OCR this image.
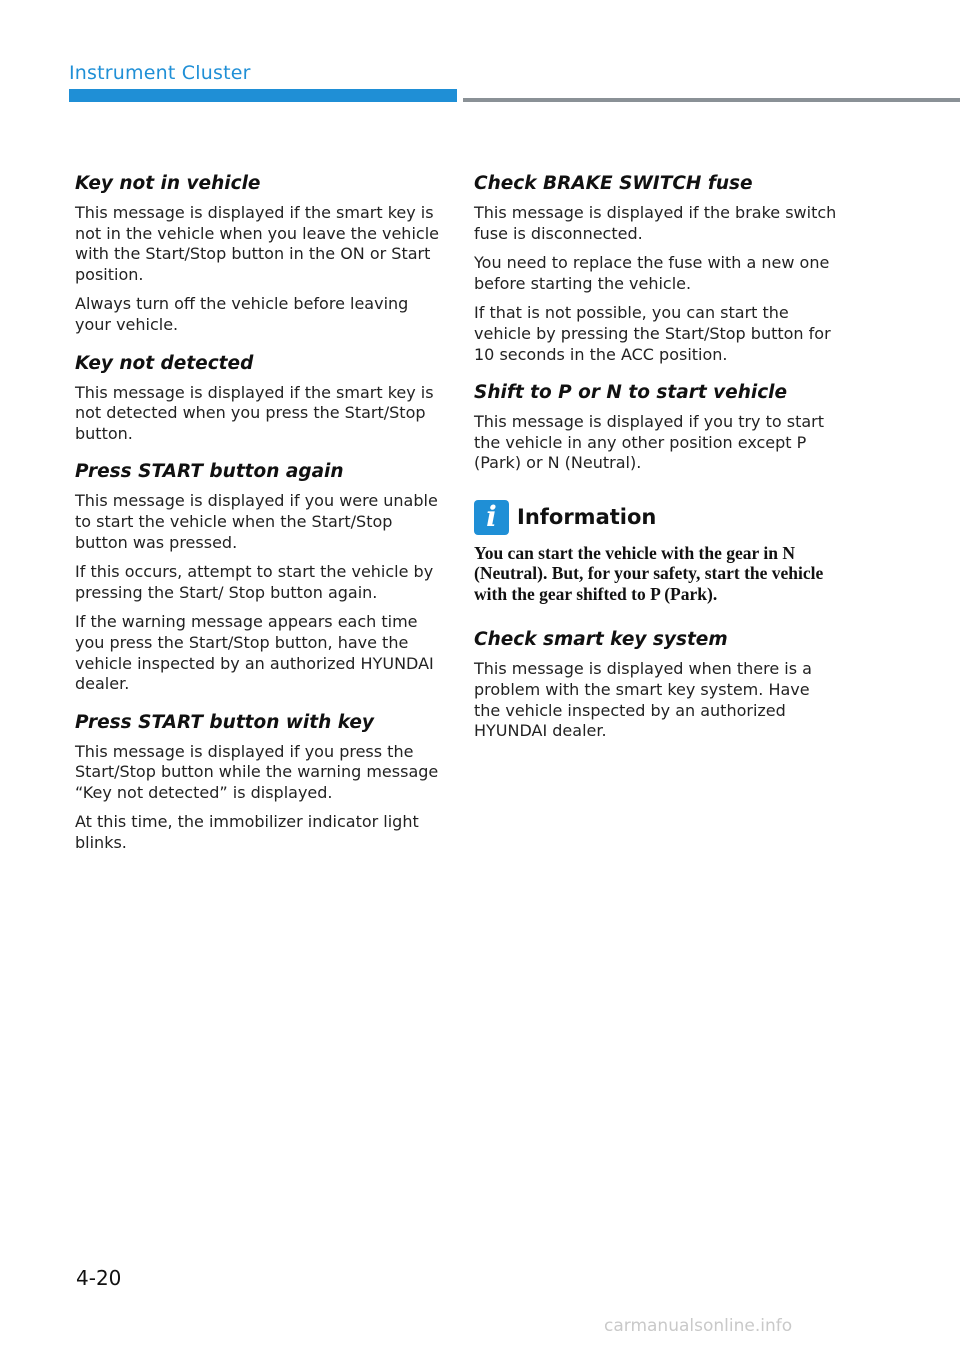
Instrument Cluster
Key not in vehicle

This message is displayed if the smart key is not in the vehicle when you leave the vehicle with the Start/Stop button in the ON or Start position.

Always turn off the vehicle before leaving your vehicle.

Key not detected

This message is displayed if the smart key is not detected when you press the Start/Stop button.

Press START button again

This message is displayed if you were unable to start the vehicle when the Start/Stop button was pressed.

If this occurs, attempt to start the vehicle by pressing the Start/ Stop button again.

If the warning message appears each time you press the Start/Stop button, have the vehicle inspected by an authorized HYUNDAI dealer.

Press START button with key

This message is displayed if you press the Start/Stop button while the warning message “Key not detected” is displayed.

At this time, the immobilizer indicator light blinks.

Check BRAKE SWITCH fuse

This message is displayed if the brake switch fuse is disconnected.

You need to replace the fuse with a new one before starting the vehicle.

If that is not possible, you can start the vehicle by pressing the Start/Stop button for 10 seconds in the ACC position.

Shift to P or N to start vehicle

This message is displayed if you try to start the vehicle in any other position except P (Park) or N (Neutral).

i Information

You can start the vehicle with the gear in N (Neutral). But, for your safety, start the vehicle with the gear shifted to P (Park).

Check smart key system

This message is displayed when there is a problem with the smart key system. Have the vehicle inspected by an authorized HYUNDAI dealer.

4-20
carmanualsonline.info
